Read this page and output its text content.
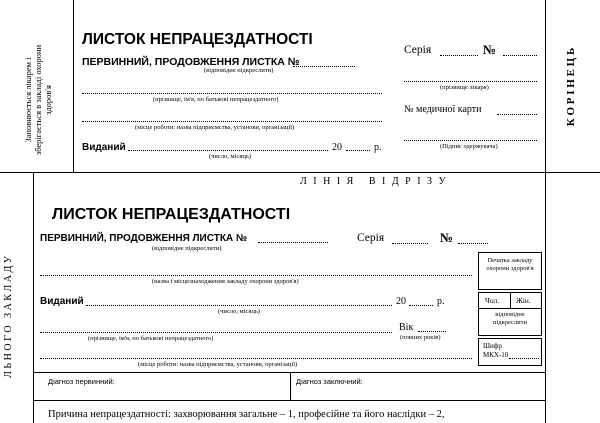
Заповнюється лікарем і зберігається в закладі охорони здоров'я
ЛИСТОК НЕПРАЦЕЗДАТНОСТІ
ПЕРВИННИЙ, ПРОДОВЖЕННЯ ЛИСТКА №
(відповідне підкреслити)
(прізвище, ім'я, по батькові непрацездатного)
(місце роботи: назва підприємства, установи, організації)
Виданий	20	р.
(число, місяць)
Серія	№
(прізвище лікаря)
№ медичної карти
(Підпис одержувача)
К О Р І Н Е Ц Ь
Л І Н І Я   В І Д Р І З У
Л Ь Н О Г О   З А К Л А Д У
ЛИСТОК НЕПРАЦЕЗДАТНОСТІ
ПЕРВИННИЙ, ПРОДОВЖЕННЯ ЛИСТКА №
(відповідне підкреслити)
Серія	№
(назва і місцезнаходження закладу охорони здоров'я)
Виданий	20	р.
(число, місяць)
(прізвище, ім'я, по батькові непрацездатного)
Вік
(повних років)
(місце роботи: назва підприємства, установи, організації)
Печатка закладу охорони здоров'я
Чол. Жін.
відповідне підкреслити
Шифр
МКХ-10
Діагноз первинний:	Діагноз заключний:
Причина непрацездатності: захворювання загальне – 1, професійне та його наслідки – 2,
